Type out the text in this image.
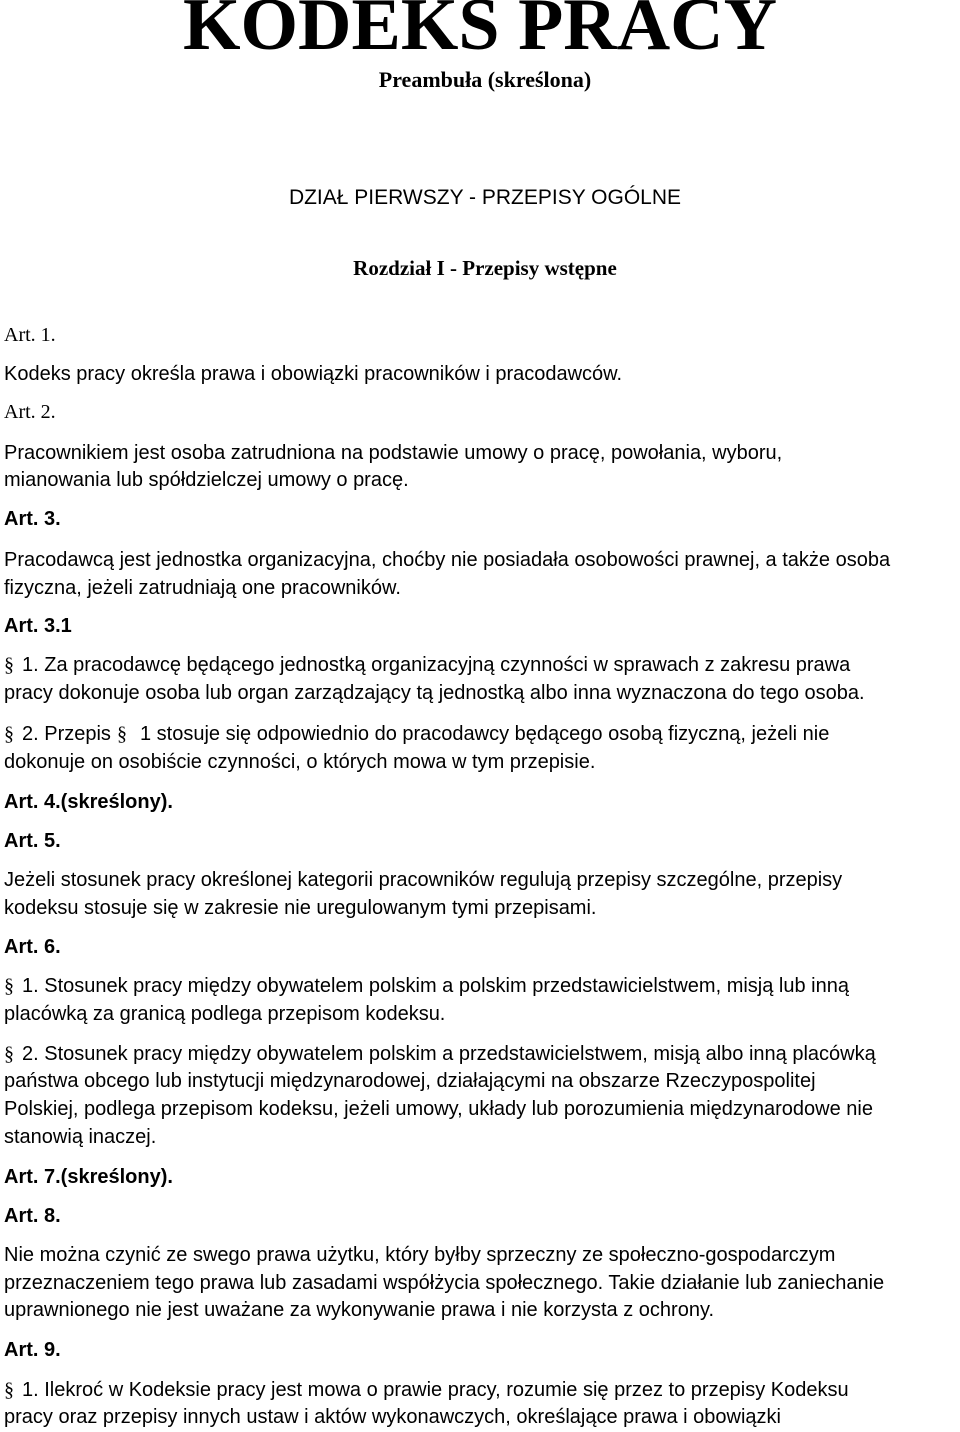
KODEKS PRACY
Preambuła (skreślona)
DZIAŁ PIERWSZY - PRZEPISY OGÓLNE
Rozdział I - Przepisy wstępne
Art. 1.
Kodeks pracy określa prawa i obowiązki pracowników i pracodawców.
Art. 2.
Pracownikiem jest osoba zatrudniona na podstawie umowy o pracę, powołania, wyboru,
mianowania lub spółdzielczej umowy o pracę.
Art. 3.
Pracodawcą jest jednostka organizacyjna, choćby nie posiadała osobowości prawnej, a także osoba
fizyczna, jeżeli zatrudniają one pracowników.
Art. 3.1
§ 1. Za pracodawcę będącego jednostką organizacyjną czynności w sprawach z zakresu prawa
pracy dokonuje osoba lub organ zarządzający tą jednostką albo inna wyznaczona do tego osoba.
§ 2. Przepis § 1 stosuje się odpowiednio do pracodawcy będącego osobą fizyczną, jeżeli nie
dokonuje on osobiście czynności, o których mowa w tym przepisie.
Art. 4.(skreślony).
Art. 5.
Jeżeli stosunek pracy określonej kategorii pracowników regulują przepisy szczególne, przepisy
kodeksu stosuje się w zakresie nie uregulowanym tymi przepisami.
Art. 6.
§ 1. Stosunek pracy między obywatelem polskim a polskim przedstawicielstwem, misją lub inną
placówką za granicą podlega przepisom kodeksu.
§ 2. Stosunek pracy między obywatelem polskim a przedstawicielstwem, misją albo inną placówką
państwa obcego lub instytucji międzynarodowej, działającymi na obszarze Rzeczypospolitej
Polskiej, podlega przepisom kodeksu, jeżeli umowy, układy lub porozumienia międzynarodowe nie
stanowią inaczej.
Art. 7.(skreślony).
Art. 8.
Nie można czynić ze swego prawa użytku, który byłby sprzeczny ze społeczno-gospodarczym
przeznaczeniem tego prawa lub zasadami współżycia społecznego. Takie działanie lub zaniechanie
uprawnionego nie jest uważane za wykonywanie prawa i nie korzysta z ochrony.
Art. 9.
§ 1. Ilekroć w Kodeksie pracy jest mowa o prawie pracy, rozumie się przez to przepisy Kodeksu
pracy oraz przepisy innych ustaw i aktów wykonawczych, określające prawa i obowiązki
